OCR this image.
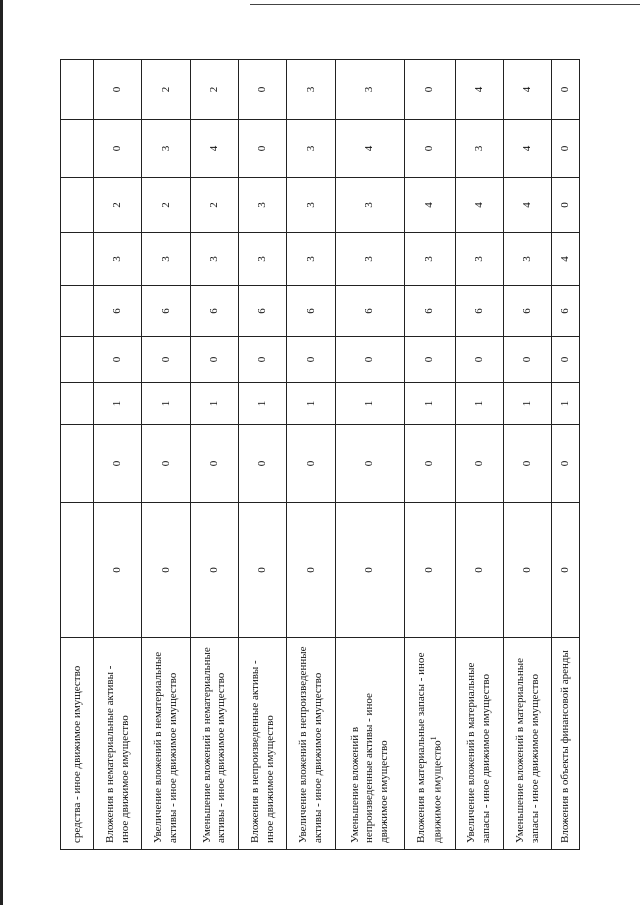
средства - иное движимое имущество									
Вложения в нематериальные активы - иное движимое имущество	0	0	1	0	6	3	2	0	0
Увеличение вложений в нематериальные активы - иное движимое имущество	0	0	1	0	6	3	2	3	2
Уменьшение вложений в нематериальные активы - иное движимое имущество	0	0	1	0	6	3	2	4	2
Вложения в непроизведенные активы - иное движимое имущество	0	0	1	0	6	3	3	0	0
Увеличение вложений в непроизведенные активы - иное движимое имущество	0	0	1	0	6	3	3	3	3
Уменьшение вложений в непроизведенные активы - иное движимое имущество	0	0	1	0	6	3	3	4	3
Вложения в материальные запасы - иное движимое имущество$^1$	0	0	1	0	6	3	4	0	0
Увеличение вложений в материальные запасы - иное движимое имущество	0	0	1	0	6	3	4	3	4
Уменьшение вложений в материальные запасы - иное движимое имущество	0	0	1	0	6	3	4	4	4
Вложения в объекты финансовой аренды	0	0	1	0	6	4	0	0	0
